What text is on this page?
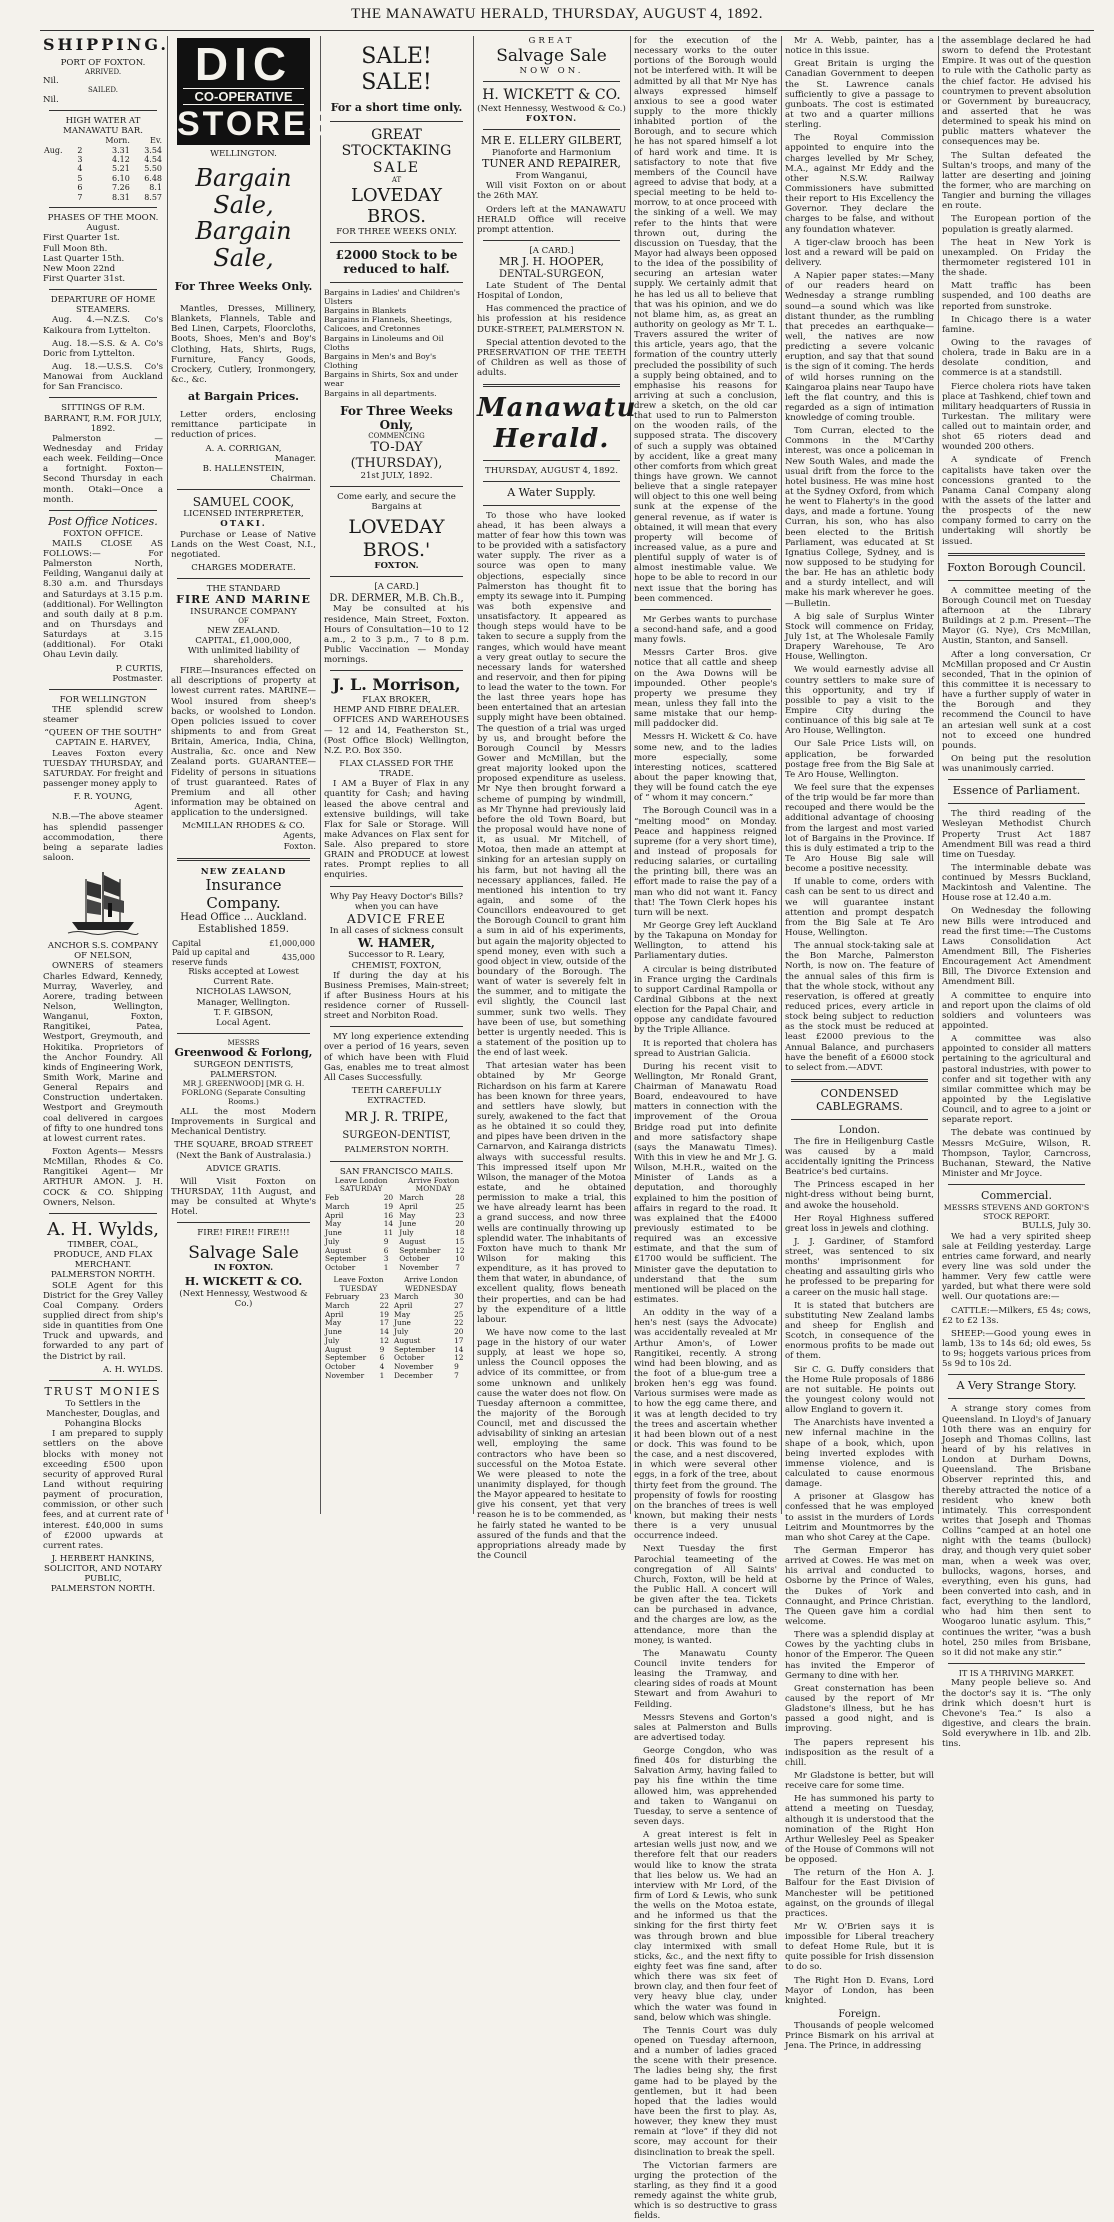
THE MANAWATU HERALD, THURSDAY, AUGUST 4, 1892.
SHIPPING.
PORT OF FOXTON.
ARRIVED.
Nil.
SAILED.
Nil.
HIGH WATER AT MANAWATU BAR.
		Morn.	Ev.
Aug.	2	3.31	3.54
	3	4.12	4.54
	4	5.21	5.50
	5	6.10	6.48
	6	7.26	8.1
	7	8.31	8.57
PHASES OF THE MOON.
August.
First Quarter 1st.
Full Moon 8th.
Last Quarter 15th.
New Moon 22nd
First Quarter 31st.
DEPARTURE OF HOME STEAMERS.

Aug. 4.—N.Z.S. Co's Kaikoura from Lyttelton.

Aug. 18.—S.S. & A. Co's Doric from Lyttelton.

Aug. 18.—U.S.S. Co's Manowai from Auckland for San Francisco.

SITTINGS OF R.M. BARRANT, R.M. FOR JULY, 1892.

Palmerston — Wednesday and Friday each week. Feilding—Once a fortnight. Foxton—Second Thursday in each month. Otaki—Once a month.

Post Office Notices.
FOXTON OFFICE.

MAILS CLOSE AS FOLLOWS:— For Palmerston North, Feilding, Wanganui daily at 8.30 a.m. and Thursdays and Saturdays at 3.15 p.m. (additional). For Wellington and south daily at 8 p.m. and on Thursdays and Saturdays at 3.15 (additional). For Otaki Ohau Levin daily.

P. CURTIS,
Postmaster.
FOR WELLINGTON

THE splendid screw steamer

“QUEEN OF THE SOUTH”
CAPTAIN E. HARVEY,

Leaves Foxton every TUESDAY THURSDAY, and SATURDAY. For freight and passenger money apply to

F. R. YOUNG,
Agent.

N.B.—The above steamer has splendid passenger accommodation, there being a separate ladies saloon.

ANCHOR S.S. COMPANY OF NELSON,

OWNERS of steamers Charles Edward, Kennedy, Murray, Waverley, and Aorere, trading between Nelson, Wellington, Wanganui, Foxton, Rangitikei, Patea, Westport, Greymouth, and Hokitika. Proprietors of the Anchor Foundry. All kinds of Engineering Work, Smith Work, Marine and General Repairs and Construction undertaken. Westport and Greymouth coal delivered in cargoes of fifty to one hundred tons at lowest current rates.

Foxton Agents— Messrs McMillan, Rhodes & Co. Rangitikei Agent— Mr ARTHUR AMON. J. H. COCK & CO. Shipping Owners, Nelson.

A. H. Wylds,
TIMBER, COAL, PRODUCE, AND FLAX MERCHANT.
PALMERSTON NORTH.

SOLE Agent for this District for the Grey Valley Coal Company. Orders supplied direct from ship's side in quantities from One Truck and upwards, and forwarded to any part of the District by rail.

A. H. WYLDS.
TRUST MONIES
To Settlers in the Manchester, Douglas, and Pohangina Blocks

I am prepared to supply settlers on the above blocks with money not exceeding £500 upon security of approved Rural Land without requiring payment of procuration, commission, or other such fees, and at current rate of interest. £40,000 in sums of £2000 upwards at current rates.

J. HERBERT HANKINS,
SOLICITOR, AND NOTARY PUBLIC,
PALMERSTON NORTH.
DIC
CO-OPERATIVE
STORES
WELLINGTON.
Bargain Sale,
Bargain Sale,
For Three Weeks Only.

Mantles, Dresses, Millinery, Blankets, Flannels, Table and Bed Linen, Carpets, Floorcloths, Boots, Shoes, Men's and Boy's Clothing, Hats, Shirts, Rugs, Furniture, Fancy Goods, Crockery, Cutlery, Ironmongery, &c., &c.

at Bargain Prices.

Letter orders, enclosing remittance participate in reduction of prices.

A. A. CORRIGAN,
Manager.
B. HALLENSTEIN,
Chairman.
SAMUEL COOK,
LICENSED INTERPRETER,
OTAKI.

Purchase or Lease of Native Lands on the West Coast, N.I., negotiated.

CHARGES MODERATE.
THE STANDARD
FIRE AND MARINE
INSURANCE COMPANY
OF
NEW ZEALAND.
CAPITAL, £1,000,000,
With unlimited liability of shareholders.

FIRE—Insurances effected on all descriptions of property at lowest current rates. MARINE—Wool insured from sheep's backs, or woolshed to London. Open policies issued to cover shipments to and from Great Britain, America, India, China, Australia, &c. once and New Zealand ports. GUARANTEE—Fidelity of persons in situations of trust guaranteed. Rates of Premium and all other information may be obtained on application to the undersigned.

McMILLAN RHODES & CO.
Agents,
Foxton.
NEW ZEALAND
Insurance Company.
Head Office ... Auckland.
Established 1859.
Capital	£1,000,000
Paid up capital and reserve funds	435,000
Risks accepted at Lowest Current Rate.
NICHOLAS LAWSON,
Manager, Wellington.
T. F. GIBSON,
Local Agent.
MESSRS
Greenwood & Forlong,
SURGEON DENTISTS,
PALMERSTON.
MR J. GREENWOOD] [MR G. H. FORLONG (Separate Consulting Rooms.)

ALL the most Modern Improvements in Surgical and Mechanical Dentistry.

THE SQUARE, BROAD STREET (Next the Bank of Australasia.)
ADVICE GRATIS.

Will Visit Foxton on THURSDAY, 11th August, and may be consulted at Whyte's Hotel.

FIRE! FIRE!! FIRE!!!
Salvage Sale
IN FOXTON.
H. WICKETT & CO.
(Next Hennessy, Westwood & Co.)
SALE! SALE!
For a short time only.
GREAT STOCKTAKING
SALE
AT
LOVEDAY BROS.
FOR THREE WEEKS ONLY.
£2000 Stock to be reduced to half.
Bargains in Ladies' and Children's Ulsters
Bargains in Blankets
Bargains in Flannels, Sheetings, Calicoes, and Cretonnes
Bargains in Linoleums and Oil Cloths
Bargains in Men's and Boy's Clothing
Bargains in Shirts, Sox and under wear
Bargains in all departments.
For Three Weeks Only,
COMMENCING
TO-DAY (THURSDAY),
21st JULY, 1892.
Come early, and secure the Bargains at
LOVEDAY BROS.'
FOXTON.
[A CARD.]
DR. DERMER, M.B. Ch.B.,

May be consulted at his residence, Main Street, Foxton. Hours of Consultation—10 to 12 a.m., 2 to 3 p.m., 7 to 8 p.m. Public Vaccination — Monday mornings.

J. L. Morrison,
FLAX BROKER,
HEMP AND FIBRE DEALER.

OFFICES AND WAREHOUSES— 12 and 14, Featherston St., (Post Office Block) Wellington, N.Z. P.O. Box 350.

FLAX CLASSED FOR THE TRADE.

I AM a Buyer of Flax in any quantity for Cash; and having leased the above central and extensive buildings, will take Flax for Sale or Storage. Will make Advances on Flax sent for Sale. Also prepared to store GRAIN and PRODUCE at lowest rates. Prompt replies to all enquiries.

Why Pay Heavy Doctor's Bills? when you can have
ADVICE FREE
In all cases of sickness consult
W. HAMER,
Successor to R. Leary,
CHEMIST, FOXTON,

If during the day at his Business Premises, Main-street; if after Business Hours at his residence corner of Russell-street and Norbiton Road.

MY long experience extending over a period of 16 years, seven of which have been with Fluid Gas, enables me to treat almost All Cases Successfully.

TEETH CAREFULLY EXTRACTED.
MR J. R. TRIPE,
SURGEON-DENTIST,
PALMERSTON NORTH.
SAN FRANCISCO MAILS.
Leave London SATURDAY		Arrive Foxton MONDAY	
Feb	20	March	28
March	19	April	25
April	16	May	23
May	14	June	20
June	11	July	18
July	9	August	15
August	6	September	12
September	3	October	10
October	1	November	7
Leave Foxton TUESDAY		Arrive London WEDNESDAY	
February	23	March	30
March	22	April	27
April	19	May	25
May	17	June	22
June	14	July	20
July	12	August	17
August	9	September	14
September	6	October	12
October	4	November	9
November	1	December	7
GREAT
Salvage Sale
NOW ON.
H. WICKETT & CO.
(Next Hennessy, Westwood & Co.)
FOXTON.
MR E. ELLERY GILBERT,
Pianoforte and Harmonium
TUNER AND REPAIRER,
From Wanganui,

Will visit Foxton on or about the 26th MAY.

Orders left at the MANAWATU HERALD Office will receive prompt attention.

[A CARD.]
MR J. H. HOOPER,
DENTAL-SURGEON,

Late Student of The Dental Hospital of London,

Has commenced the practice of his profession at his residence DUKE-STREET, PALMERSTON N.

Special attention devoted to the PRESERVATION OF THE TEETH of Children as well as those of adults.

Manawatu Herald.
THURSDAY, AUGUST 4, 1892.
A Water Supply.

To those who have looked ahead, it has been always a matter of fear how this town was to be provided with a satisfactory water supply. The river as a source was open to many objections, especially since Palmerston has thought fit to empty its sewage into it. Pumping was both expensive and unsatisfactory. It appeared as though steps would have to be taken to secure a supply from the ranges, which would have meant a very great outlay to secure the necessary lands for watershed and reservoir, and then for piping to lead the water to the town. For the last three years hope has been entertained that an artesian supply might have been obtained. The question of a trial was urged by us, and brought before the Borough Council by Messrs Gower and McMillan, but the great majority looked upon the proposed expenditure as useless. Mr Nye then brought forward a scheme of pumping by windmill, as Mr Thynne had previously laid before the old Town Board, but the proposal would have none of it, as usual. Mr Mitchell, of Motoa, then made an attempt at sinking for an artesian supply on his farm, but not having all the necessary appliances, failed. He mentioned his intention to try again, and some of the Councillors endeavoured to get the Borough Council to grant him a sum in aid of his experiments, but again the majority objected to spend money, even with such a good object in view, outside of the boundary of the Borough. The want of water is severely felt in the summer, and to mitigate the evil slightly, the Council last summer, sunk two wells. They have been of use, but something better is urgently needed. This is a statement of the position up to the end of last week.

That artesian water has been obtained by Mr George Richardson on his farm at Karere has been known for three years, and settlers have slowly, but surely, awakened to the fact that as he obtained it so could they, and pipes have been driven in the Carnarvon, and Kairanga districts always with successful results. This impressed itself upon Mr Wilson, the manager of the Motoa estate, and he obtained permission to make a trial, this we have already learnt has been a grand success, and now three wells are continually throwing up splendid water. The inhabitants of Foxton have much to thank Mr Wilson for making this expenditure, as it has proved to them that water, in abundance, of excellent quality, flows beneath their properties, and can be had by the expenditure of a little labour.

We have now come to the last page in the history of our water supply, at least we hope so, unless the Council opposes the advice of its committee, or from some unknown and unlikely cause the water does not flow. On Tuesday afternoon a committee, the majority of the Borough Council, met and discussed the advisability of sinking an artesian well, employing the same contractors who have been so successful on the Motoa Estate. We were pleased to note the unanimity displayed, for though the Mayor appeared to hesitate to give his consent, yet that very reason he is to be commended, as he fairly stated he wanted to be assured of the funds and that the appropriations already made by the Council

for the execution of the necessary works to the outer portions of the Borough would not be interfered with. It will be admitted by all that Mr Nye has always expressed himself anxious to see a good water supply to the more thickly inhabited portion of the Borough, and to secure which he has not spared himself a lot of hard work and time. It is satisfactory to note that five members of the Council have agreed to advise that body, at a special meeting to be held to-morrow, to at once proceed with the sinking of a well. We may refer to the hints that were thrown out, during the discussion on Tuesday, that the Mayor had always been opposed to the idea of the possibility of securing an artesian water supply. We certainly admit that he has led us all to believe that that was his opinion, and we do not blame him, as, as great an authority on geology as Mr T. L. Travers assured the writer of this article, years ago, that the formation of the country utterly precluded the possibility of such a supply being obtained, and to emphasise his reasons for arriving at such a conclusion, drew a sketch, on the old car that used to run to Palmerston on the wooden rails, of the supposed strata. The discovery of such a supply was obtained by accident, like a great many other comforts from which great things have grown. We cannot believe that a single ratepayer will object to this one well being sunk at the expense of the general revenue, as if water is obtained, it will mean that every property will become of increased value, as a pure and plentiful supply of water is of almost inestimable value. We hope to be able to record in our next issue that the boring has been commenced.

Mr Gerbes wants to purchase a second-hand safe, and a good many fowls.

Messrs Carter Bros. give notice that all cattle and sheep on the Awa Downs will be impounded. Other people's property we presume they mean, unless they fall into the same mistake that our hemp-mill paddocker did.

Messrs H. Wickett & Co. have some new, and to the ladies more especially, some interesting notices, scattered about the paper knowing that, they will be found catch the eye of “ whom it may concern.”

The Borough Council was in a “melting mood” on Monday. Peace and happiness reigned supreme (for a very short time), and instead of proposals for reducing salaries, or curtailing the printing bill, there was an effort made to raise the pay of a man who did not want it. Fancy that! The Town Clerk hopes his turn will be next.

Mr George Grey left Auckland by the Takapuna on Monday for Wellington, to attend his Parliamentary duties.

A circular is being distributed in France urging the Cardinals to support Cardinal Rampolla or Cardinal Gibbons at the next election for the Papal Chair, and oppose any candidate favoured by the Triple Alliance.

It is reported that cholera has spread to Austrian Galicia.

During his recent visit to Wellington, Mr Ronald Grant, Chairman of Manawatu Road Board, endeavoured to have matters in connection with the improvement of the Oroua Bridge road put into definite and more satisfactory shape (says the Manawatu Times). With this in view he and Mr J. G. Wilson, M.H.R., waited on the Minister of Lands as a deputation, and thoroughly explained to him the position of affairs in regard to the road. It was explained that the £4000 previously estimated to be required was an excessive estimate, and that the sum of £1700 would be sufficient. The Minister gave the deputation to understand that the sum mentioned will be placed on the estimates.

An oddity in the way of a hen's nest (says the Advocate) was accidentally revealed at Mr Arthur Amon's, of Lower Rangitikei, recently. A strong wind had been blowing, and as the foot of a blue-gum tree a broken hen's egg was found. Various surmises were made as to how the egg came there, and it was at length decided to try the trees and ascertain whether it had been blown out of a nest or dock. This was found to be the case, and a nest discovered, in which were several other eggs, in a fork of the tree, about thirty feet from the ground. The propensity of fowls for roosting on the branches of trees is well known, but making their nests there is a very unusual occurrence indeed.

Next Tuesday the first Parochial teameeting of the congregation of All Saints' Church, Foxton, will be held at the Public Hall. A concert will be given after the tea. Tickets can be purchased in advance, and the charges are low, as the attendance, more than the money, is wanted.

The Manawatu County Council invite tenders for leasing the Tramway, and clearing sides of roads at Mount Stewart and from Awahuri to Feilding.

Messrs Stevens and Gorton's sales at Palmerston and Bulls are advertised today.

George Congdon, who was fined 40s for disturbing the Salvation Army, having failed to pay his fine within the time allowed him, was apprehended and taken to Wanganui on Tuesday, to serve a sentence of seven days.

A great interest is felt in artesian wells just now, and we therefore felt that our readers would like to know the strata that lies below us. We had an interview with Mr Lord, of the firm of Lord & Lewis, who sunk the wells on the Motoa estate, and he informed us that the sinking for the first thirty feet was through brown and blue clay intermixed with small sticks, &c., and the next fifty to eighty feet was fine sand, after which there was six feet of brown clay, and then four feet of very heavy blue clay, under which the water was found in sand, below which was shingle.

The Tennis Court was duly opened on Tuesday afternoon, and a number of ladies graced the scene with their presence. The ladies being shy, the first game had to be played by the gentlemen, but it had been hoped that the ladies would have been the first to play. As, however, they knew they must remain at “love” if they did not score, may account for their disinclination to break the spell.

The Victorian farmers are urging the protection of the starling, as they find it a good remedy against the white grub, which is so destructive to grass fields.

Mr A. Webb, painter, has a notice in this issue.

Great Britain is urging the Canadian Government to deepen the St. Lawrence canals sufficiently to give a passage to gunboats. The cost is estimated at two and a quarter millions sterling.

The Royal Commission appointed to enquire into the charges levelled by Mr Schey, M.A., against Mr Eddy and the other N.S.W. Railway Commissioners have submitted their report to His Excellency the Governor. They declare the charges to be false, and without any foundation whatever.

A tiger-claw brooch has been lost and a reward will be paid on delivery.

A Napier paper states:—Many of our readers heard on Wednesday a strange rumbling sound—a sound which was like distant thunder, as the rumbling that precedes an earthquake—well, the natives are now predicting a severe volcanic eruption, and say that that sound is the sign of it coming. The herds of wild horses running on the Kaingaroa plains near Taupo have left the flat country, and this is regarded as a sign of intimation knowledge of coming trouble.

Tom Curran, elected to the Commons in the M'Carthy interest, was once a policeman in New South Wales, and made the usual drift from the force to the hotel business. He was mine host at the Sydney Oxford, from which he went to Flaherty's in the good days, and made a fortune. Young Curran, his son, who has also been elected to the British Parliament, was educated at St Ignatius College, Sydney, and is now supposed to be studying for the bar. He has an athletic body and a sturdy intellect, and will make his mark wherever he goes.—Bulletin.

A big sale of Surplus Winter Stock will commence on Friday, July 1st, at The Wholesale Family Drapery Warehouse, Te Aro House, Wellington.

We would earnestly advise all country settlers to make sure of this opportunity, and try if possible to pay a visit to the Empire City during the continuance of this big sale at Te Aro House, Wellington.

Our Sale Price Lists will, on application, be forwarded postage free from the Big Sale at Te Aro House, Wellington.

We feel sure that the expenses of the trip would be far more than recouped and there would be the additional advantage of choosing from the largest and most varied lot of Bargains in the Province. If this is duly estimated a trip to the Te Aro House Big sale will become a positive necessity.

If unable to come, orders with cash can be sent to us direct and we will guarantee instant attention and prompt despatch from the Big Sale at Te Aro House, Wellington.

The annual stock-taking sale at the Bon Marche, Palmerston North, is now on. The feature of the annual sales of this firm is that the whole stock, without any reservation, is offered at greatly reduced prices, every article in stock being subject to reduction as the stock must be reduced at least £2000 previous to the Annual Balance, and purchasers have the benefit of a £6000 stock to select from.—ADVT.

CONDENSED CABLEGRAMS.
London.

The fire in Heiligenburg Castle was caused by a maid accidentally igniting the Princess Beatrice's bed curtains.

The Princess escaped in her night-dress without being burnt, and awoke the household.

Her Royal Highness suffered great loss in jewels and clothing.

J. J. Gardiner, of Stamford street, was sentenced to six months' imprisonment for cheating and assaulting girls who he professed to be preparing for a career on the music hall stage.

It is stated that butchers are substituting New Zealand lambs and sheep for English and Scotch, in consequence of the enormous profits to be made out of them.

Sir C. G. Duffy considers that the Home Rule proposals of 1886 are not suitable. He points out the youngest colony would not allow England to govern it.

The Anarchists have invented a new infernal machine in the shape of a book, which, upon being inverted explodes with immense violence, and is calculated to cause enormous damage.

A prisoner at Glasgow has confessed that he was employed to assist in the murders of Lords Leitrim and Mountmorres by the man who shot Carey at the Cape.

The German Emperor has arrived at Cowes. He was met on his arrival and conducted to Osborne by the Prince of Wales, the Dukes of York and Connaught, and Prince Christian. The Queen gave him a cordial welcome.

There was a splendid display at Cowes by the yachting clubs in honor of the Emperor. The Queen has invited the Emperor of Germany to dine with her.

Great consternation has been caused by the report of Mr Gladstone's illness, but he has passed a good night, and is improving.

The papers represent his indisposition as the result of a chill.

Mr Gladstone is better, but will receive care for some time.

He has summoned his party to attend a meeting on Tuesday, although it is understood that the nomination of the Right Hon Arthur Wellesley Peel as Speaker of the House of Commons will not be opposed.

The return of the Hon A. J. Balfour for the East Division of Manchester will be petitioned against, on the grounds of illegal practices.

Mr W. O'Brien says it is impossible for Liberal treachery to defeat Home Rule, but it is quite possible for Irish dissension to do so.

The Right Hon D. Evans, Lord Mayor of London, has been knighted.

Foreign.

Thousands of people welcomed Prince Bismark on his arrival at Jena. The Prince, in addressing

the assemblage declared he had sworn to defend the Protestant Empire. It was out of the question to rule with the Catholic party as the chief factor. He advised his countrymen to prevent absolution or Government by bureaucracy, and asserted that he was determined to speak his mind on public matters whatever the consequences may be.

The Sultan defeated the Sultan's troops, and many of the latter are deserting and joining the former, who are marching on Tangier and burning the villages en route.

The European portion of the population is greatly alarmed.

The heat in New York is unexampled. On Friday the thermometer registered 101 in the shade.

Matt traffic has been suspended, and 100 deaths are reported from sunstroke.

In Chicago there is a water famine.

Owing to the ravages of cholera, trade in Baku are in a desolate condition, and commerce is at a standstill.

Fierce cholera riots have taken place at Tashkend, chief town and military headquarters of Russia in Turkestan. The military were called out to maintain order, and shot 65 rioters dead and wounded 200 others.

A syndicate of French capitalists have taken over the concessions granted to the Panama Canal Company along with the assets of the latter and the prospects of the new company formed to carry on the undertaking will shortly be issued.

Foxton Borough Council.

A committee meeting of the Borough Council met on Tuesday afternoon at the Library Buildings at 2 p.m. Present—The Mayor (G. Nye), Crs McMillan, Austin, Stanton, and Sansell.

After a long conversation, Cr McMillan proposed and Cr Austin seconded, That in the opinion of this committee it is necessary to have a further supply of water in the Borough and they recommend the Council to have an artesian well sunk at a cost not to exceed one hundred pounds.

On being put the resolution was unanimously carried.

Essence of Parliament.

The third reading of the Wesleyan Methodist Church Property Trust Act 1887 Amendment Bill was read a third time on Tuesday.

The interminable debate was continued by Messrs Buckland, Mackintosh and Valentine. The House rose at 12.40 a.m.

On Wednesday the following new Bills were introduced and read the first time:—The Customs Laws Consolidation Act Amendment Bill, The Fisheries Encouragement Act Amendment Bill, The Divorce Extension and Amendment Bill.

A committee to enquire into and report upon the claims of old soldiers and volunteers was appointed.

A committee was also appointed to consider all matters pertaining to the agricultural and pastoral industries, with power to confer and sit together with any similar committee which may be appointed by the Legislative Council, and to agree to a joint or separate report.

The debate was continued by Messrs McGuire, Wilson, R. Thompson, Taylor, Carncross, Buchanan, Steward, the Native Minister and Mr Joyce.

Commercial.
MESSRS STEVENS AND GORTON'S STOCK REPORT.
BULLS, July 30.

We had a very spirited sheep sale at Feilding yesterday. Large entries came forward, and nearly every line was sold under the hammer. Very few cattle were yarded, but what there were sold well. Our quotations are:—

CATTLE:—Milkers, £5 4s; cows, £2 to £2 13s.

SHEEP:—Good young ewes in lamb, 13s to 14s 6d; old ewes, 5s to 9s; hoggets various prices from 5s 9d to 10s 2d.

A Very Strange Story.

A strange story comes from Queensland. In Lloyd's of January 10th there was an enquiry for Joseph and Thomas Collins, last heard of by his relatives in London at Durham Downs, Queensland. The Brisbane Observer reprinted this, and thereby attracted the notice of a resident who knew both intimately. This correspondent writes that Joseph and Thomas Collins “camped at an hotel one night with the teams (bullock) dray, and though very quiet sober man, when a week was over, bullocks, wagons, horses, and everything, even his guns, had been converted into cash, and in fact, everything to the landlord, who had him then sent to Woogaroo lunatic asylum. This,” continues the writer, “was a bush hotel, 250 miles from Brisbane, so it did not make any stir.”

IT IS A THRIVING MARKET.

Many people believe so. And the doctor's say it is. “The only drink which doesn't hurt is Chevone's Tea.” Is also a digestive, and clears the brain. Sold everywhere in 1lb. and 2lb. tins.
